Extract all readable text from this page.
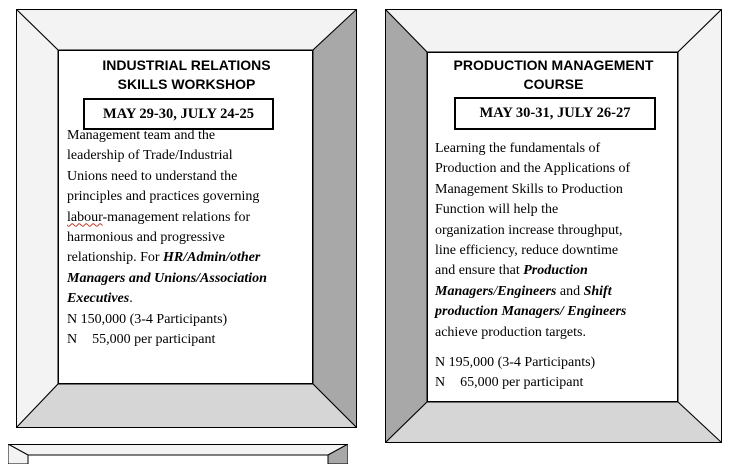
INDUSTRIAL RELATIONS
SKILLS WORKSHOP
MAY 29-30, JULY 24-25

Management team and the

leadership of Trade/Industrial

Unions need to understand the

principles and practices governing

labour-management relations for

harmonious and progressive

relationship. For HR/Admin/other

Managers and Unions/Association

Executives.

N 150,000 (3-4 Participants)

N 55,000 per participant

PRODUCTION MANAGEMENT
COURSE
MAY 30-31, JULY 26-27

Learning the fundamentals of

Production and the Applications of

Management Skills to Production

Function will help the

organization increase throughput,

line efficiency, reduce downtime

and ensure that Production

Managers/Engineers and Shift

production Managers/ Engineers

achieve production targets.

N 195,000 (3-4 Participants)

N 65,000 per participant
